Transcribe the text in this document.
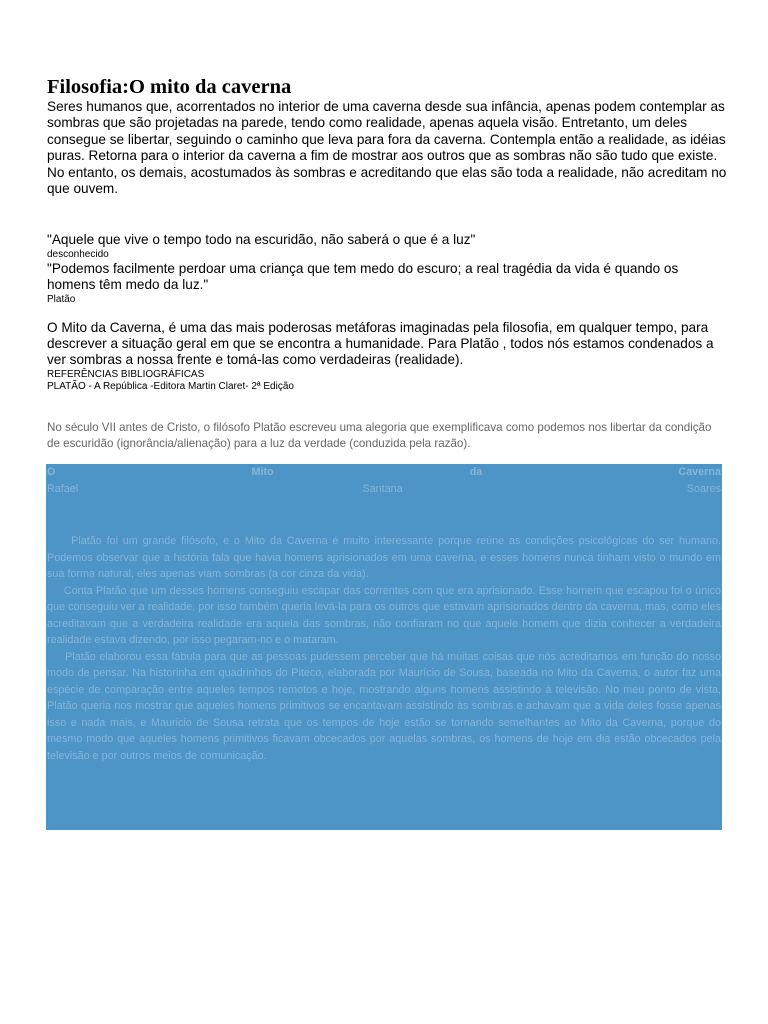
Filosofia:O mito da caverna

Seres humanos que, acorrentados no interior de uma caverna desde sua infância, apenas podem contemplar as sombras que são projetadas na parede, tendo como realidade, apenas aquela visão. Entretanto, um deles consegue se libertar, seguindo o caminho que leva para fora da caverna. Contempla então a realidade, as idéias puras. Retorna para o interior da caverna a fim de mostrar aos outros que as sombras não são tudo que existe. No entanto, os demais, acostumados às sombras e acreditando que elas são toda a realidade, não acreditam no que ouvem.

"Aquele que vive o tempo todo na escuridão, não saberá o que é a luz"

desconhecido

"Podemos facilmente perdoar uma criança que tem medo do escuro; a real tragédia da vida é quando os homens têm medo da luz."

Platão

O Mito da Caverna, é uma das mais poderosas metáforas imaginadas pela filosofia, em qualquer tempo, para descrever a situação geral em que se encontra a humanidade. Para Platão , todos nós estamos condenados a ver sombras a nossa frente e tomá-las como verdadeiras (realidade).

REFERÊNCIAS BIBLIOGRÁFICAS

PLATÃO - A República -Editora Martin Claret- 2ª Edição

No século VII antes de Cristo, o filósofo Platão escreveu uma alegoria que exemplificava como podemos nos libertar da condição de escuridão (ignorância/alienação) para a luz da verdade (conduzida pela razão).

O	Mito	da	Caverna
Rafael	Santana	Soares

Platão foi um grande filósofo, e o Mito da Caverna é muito interessante porque reúne as condições psicológicas do ser humano. Podemos observar que a história fala que havia homens aprisionados em uma caverna, e esses homens nunca tinham visto o mundo em sua forma natural, eles apenas viam sombras (a cor cinza da vida).

Conta Platão que um desses homens conseguiu escapar das correntes com que era aprisionado. Esse homem que escapou foi o único que conseguiu ver a realidade, por isso também queria levá-la para os outros que estavam aprisionados dentro da caverna, mas, como eles acreditavam que a verdadeira realidade era aquela das sombras, não confiaram no que aquele homem que dizia conhecer a verdadeira realidade estava dizendo, por isso pegaram-no e o mataram.

Platão elaborou essa fábula para que as pessoas pudessem perceber que há muitas coisas que nós acreditamos em função do nosso modo de pensar. Na historinha em quadrinhos do Piteco, elaborada por Maurício de Sousa, baseada no Mito da Caverna, o autor faz uma espécie de comparação entre aqueles tempos remotos e hoje, mostrando alguns homens assistindo à televisão. No meu ponto de vista, Platão queria nos mostrar que aqueles homens primitivos se encantavam assistindo às sombras e achavam que a vida deles fosse apenas isso e nada mais, e Mauricio de Sousa retrata que os tempos de hoje estão se tornando semelhantes ao Mito da Caverna, porque do mesmo modo que aqueles homens primitivos ficavam obcecados por aquelas sombras, os homens de hoje em dia estão obcecados pela televisão e por outros meios de comunicação.
